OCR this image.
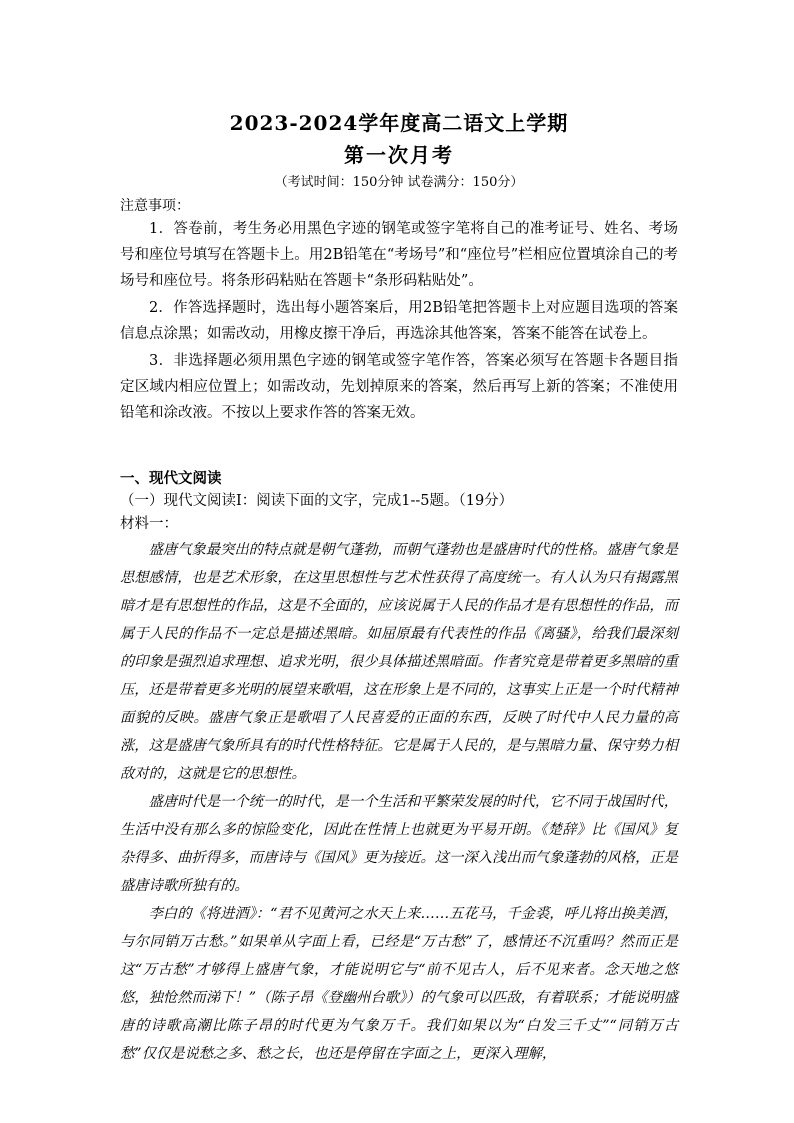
2023-2024学年度高二语文上学期
第一次月考
（考试时间：150分钟 试卷满分：150分）
注意事项：

1．答卷前，考生务必用黑色字迹的钢笔或签字笔将自己的准考证号、姓名、考场号和座位号填写在答题卡上。用2B铅笔在“考场号”和“座位号”栏相应位置填涂自己的考场号和座位号。将条形码粘贴在答题卡“条形码粘贴处”。

2．作答选择题时，选出每小题答案后，用2B铅笔把答题卡上对应题目选项的答案信息点涂黑；如需改动，用橡皮擦干净后，再选涂其他答案，答案不能答在试卷上。

3．非选择题必须用黑色字迹的钢笔或签字笔作答，答案必须写在答题卡各题目指定区域内相应位置上；如需改动，先划掉原来的答案，然后再写上新的答案；不准使用铅笔和涂改液。不按以上要求作答的答案无效。

一、现代文阅读
（一）现代文阅读Ⅰ：阅读下面的文字，完成1--5题。（19分）
材料一：

盛唐气象最突出的特点就是朝气蓬勃，而朝气蓬勃也是盛唐时代的性格。盛唐气象是思想感情，也是艺术形象，在这里思想性与艺术性获得了高度统一。有人认为只有揭露黑暗才是有思想性的作品，这是不全面的，应该说属于人民的作品才是有思想性的作品，而属于人民的作品不一定总是描述黑暗。如屈原最有代表性的作品《离骚》，给我们最深刻的印象是强烈追求理想、追求光明，很少具体描述黑暗面。作者究竟是带着更多黑暗的重压，还是带着更多光明的展望来歌唱，这在形象上是不同的，这事实上正是一个时代精神面貌的反映。盛唐气象正是歌唱了人民喜爱的正面的东西，反映了时代中人民力量的高涨，这是盛唐气象所具有的时代性格特征。它是属于人民的，是与黑暗力量、保守势力相敌对的，这就是它的思想性。

盛唐时代是一个统一的时代，是一个生活和平繁荣发展的时代，它不同于战国时代，生活中没有那么多的惊险变化，因此在性情上也就更为平易开朗。《楚辞》比《国风》复杂得多、曲折得多，而唐诗与《国风》更为接近。这一深入浅出而气象蓬勃的风格，正是盛唐诗歌所独有的。

李白的《将进酒》：“君不见黄河之水天上来……五花马，千金裘，呼儿将出换美酒，与尔同销万古愁。”如果单从字面上看，已经是“万古愁”了，感情还不沉重吗？然而正是这“万古愁”才够得上盛唐气象，才能说明它与“前不见古人，后不见来者。念天地之悠悠，独怆然而涕下！”（陈子昂《登幽州台歌》）的气象可以匹敌，有着联系；才能说明盛唐的诗歌高潮比陈子昂的时代更为气象万千。我们如果以为“白发三千丈”“同销万古愁”仅仅是说愁之多、愁之长，也还是停留在字面之上，更深入理解，
